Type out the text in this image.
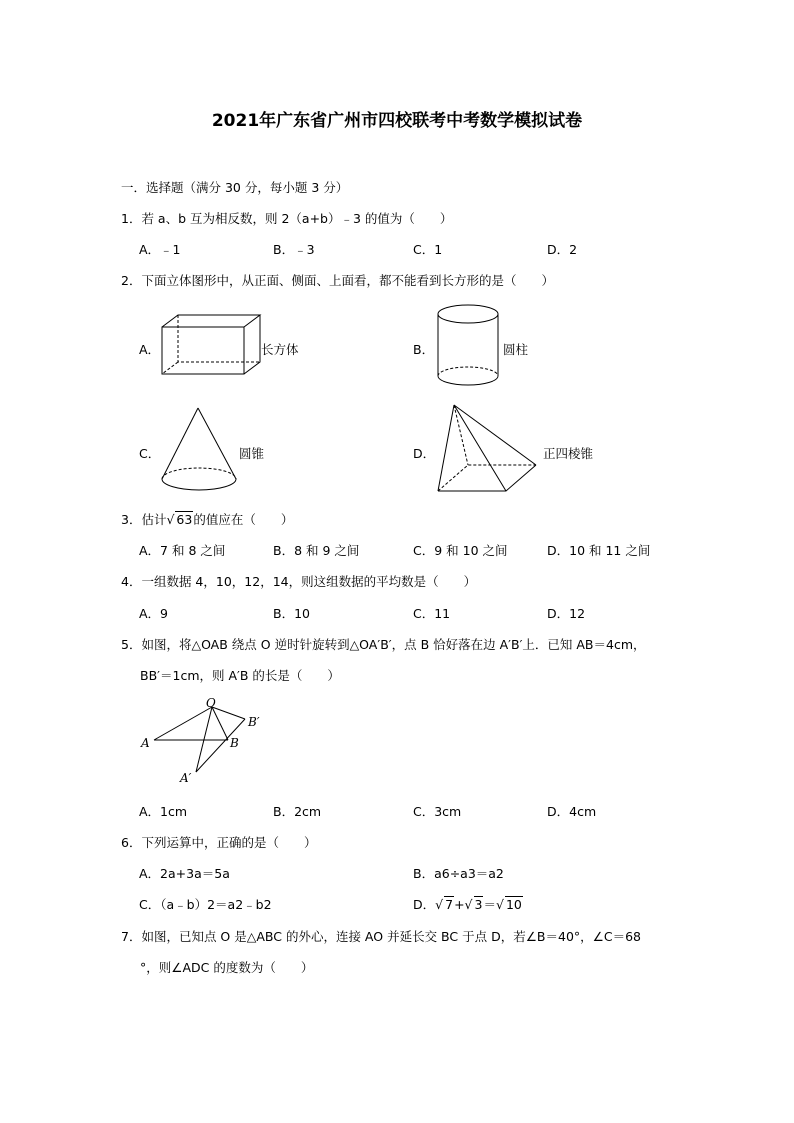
2021年广东省广州市四校联考中考数学模拟试卷
一．选择题（满分 30 分，每小题 3 分）
1．若 a、b 互为相反数，则 2（a+b）﹣3 的值为（　　）
A．﹣1	B．﹣3	C．1	D．2
2．下面立体图形中，从正面、侧面、上面看，都不能看到长方形的是（　　）
A．	长方体	B．	圆柱
C．	圆锥	D．	正四棱锥
3．估计√ 63的值应在（　　）
A．7 和 8 之间	B．8 和 9 之间	C．9 和 10 之间	D．10 和 11 之间
4．一组数据 4，10，12，14，则这组数据的平均数是（　　）
A．9	B．10	C．11	D．12
5．如图，将△OAB 绕点 O 逆时针旋转到△OA′B′，点 B 恰好落在边 A′B′上．已知 AB＝4cm，
BB′＝1cm，则 A′B 的长是（　　）
O
A	B
B′
A′
A．1cm	B．2cm	C．3cm	D．4cm
6．下列运算中，正确的是（　　）
A．2a+3a＝5a	B．a6÷a3＝a2
C．（a﹣b）2＝a2﹣b2	D．√ 7+√ 3＝√ 10
7．如图，已知点 O 是△ABC 的外心，连接 AO 并延长交 BC 于点 D，若∠B＝40°，∠C＝68
°，则∠ADC 的度数为（　　）
